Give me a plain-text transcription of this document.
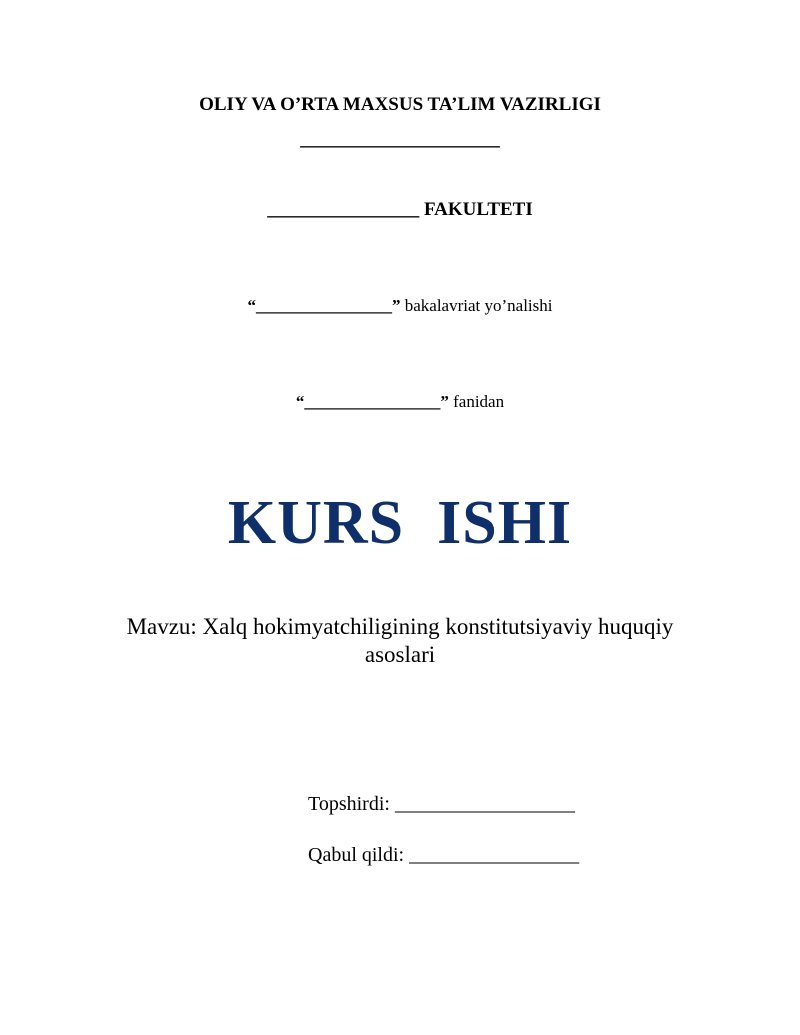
OLIY VA O’RTA MAXSUS TA’LIM VAZIRLIGI
_____________________
________________ FAKULTETI
“________________” bakalavriat yo’nalishi
“________________” fanidan
KURS  ISHI
Mavzu: Xalq hokimyatchiligining konstitutsiyaviy huquqiy asoslari
Topshirdi: __________________
Qabul qildi: _________________
